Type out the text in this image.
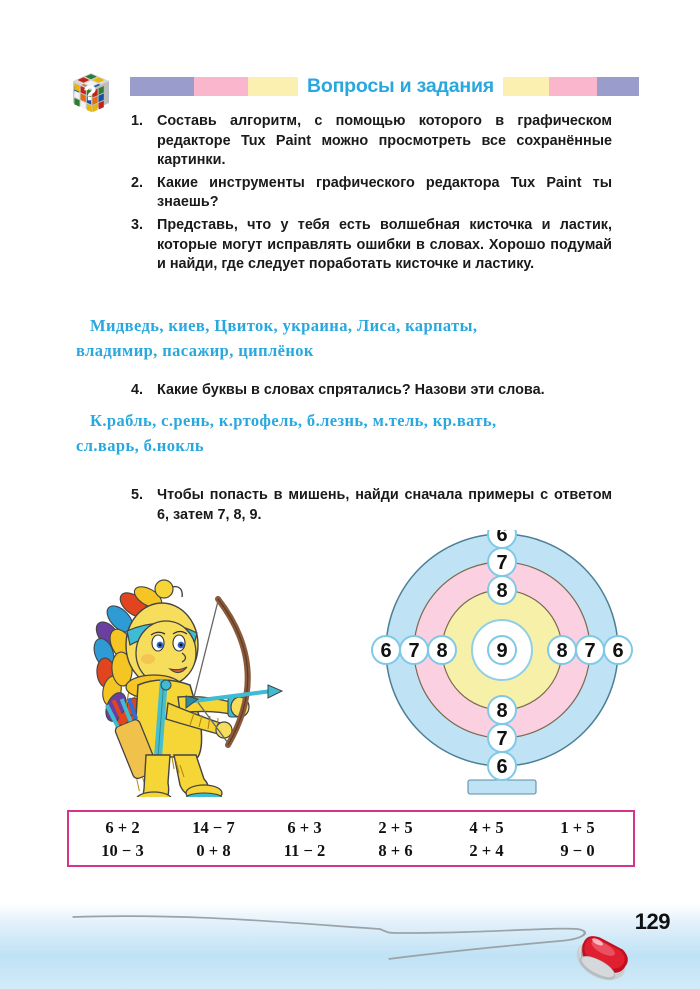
?	Вопросы и задания
1. Составь алгоритм, с помощью которого в графическом редакторе Tux Paint можно просмотреть все сохранённые картинки.
2. Какие инструменты графического редактора Tux Paint ты знаешь?
3. Представь, что у тебя есть волшебная кисточка и ластик, которые могут исправлять ошибки в словах. Хорошо подумай и найди, где следует поработать кисточке и ластику.
Мидведь, киев, Цвиток, украина, Лиса, карпаты,
владимир, пасажир, циплёнок
4. Какие буквы в словах спрятались? Назови эти слова.
К.рабль, с.рень, к.ртофель, б.лезнь, м.тель, кр.вать,
сл.варь, б.нокль
5. Чтобы попасть в мишень, найди сначала примеры с ответом 6, затем 7, 8, 9.
6 7 8 9 8 7 6
6
7
8
8
7
6
6 + 2	14 − 7	6 + 3	2 + 5	4 + 5	1 + 5
10 − 3	0 + 8	11 − 2	8 + 6	2 + 4	9 − 0
129
